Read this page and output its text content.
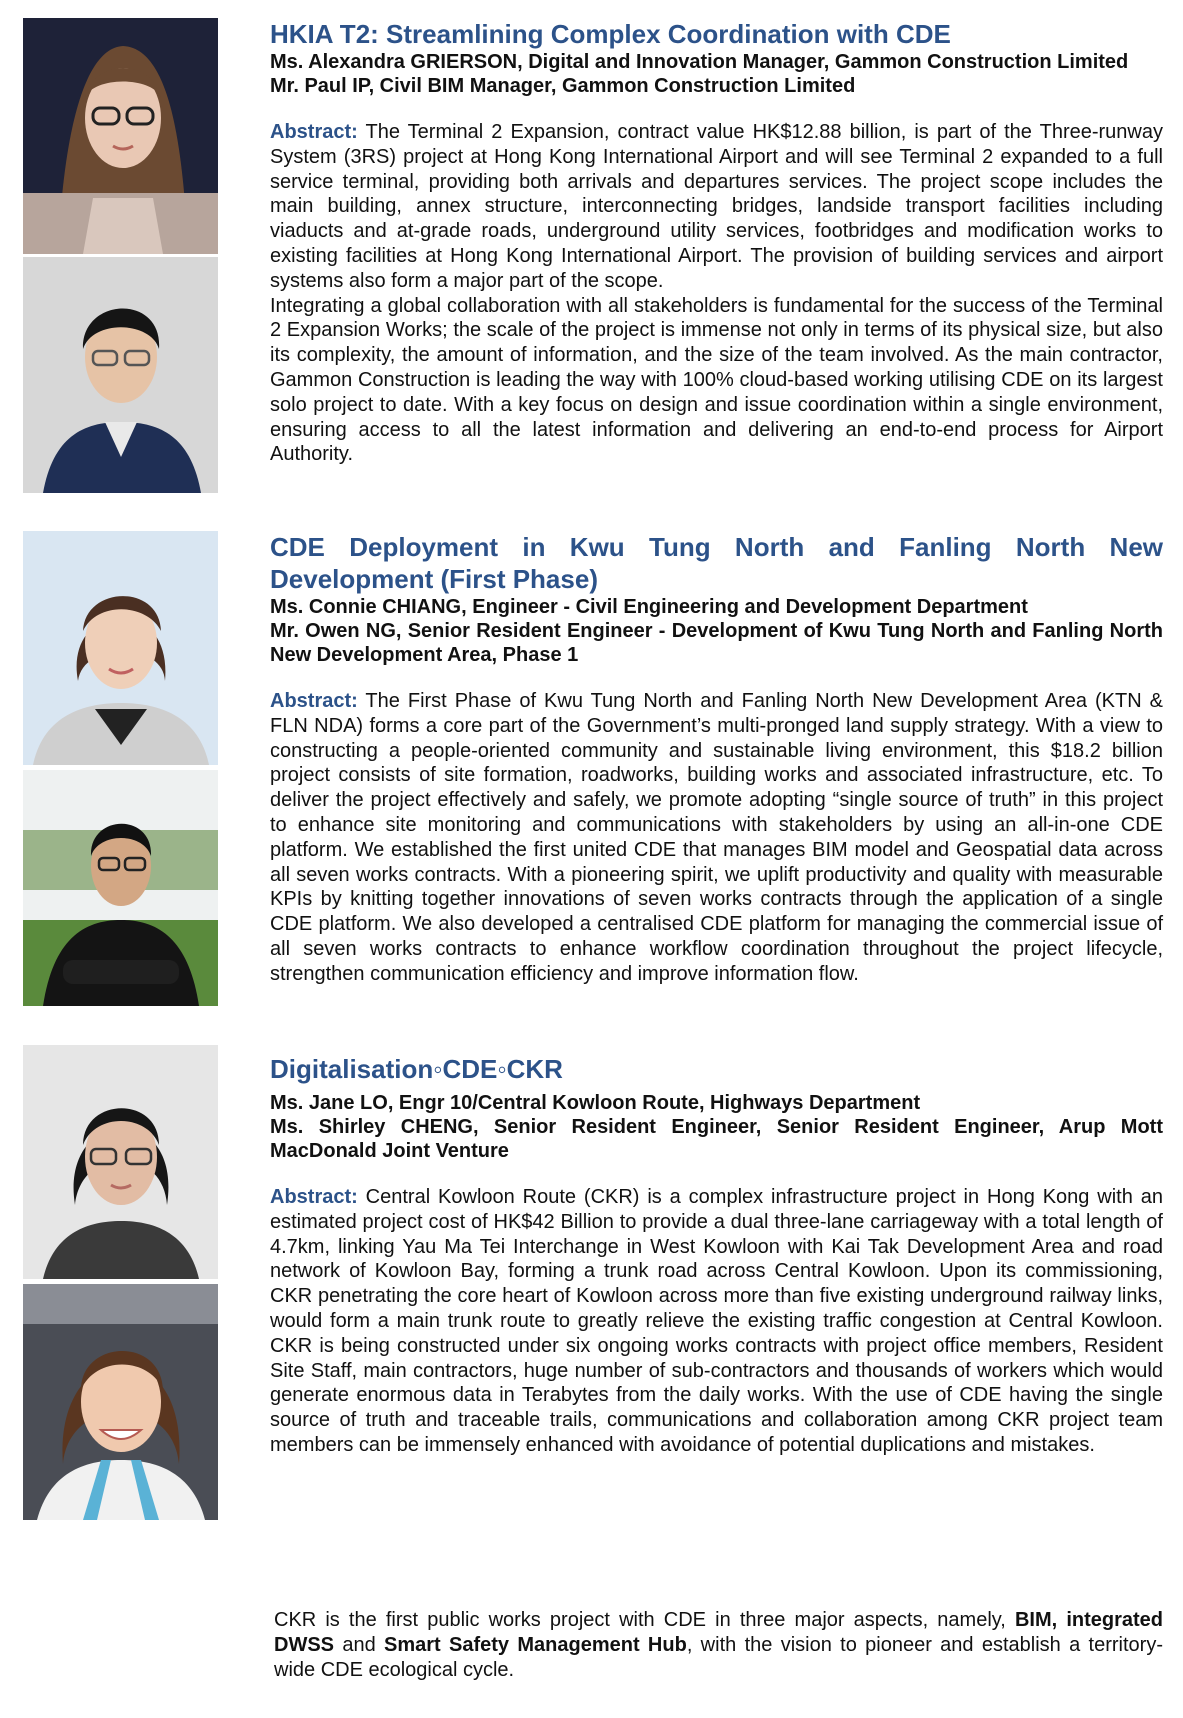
HKIA T2: Streamlining Complex Coordination with CDE

Ms. Alexandra GRIERSON, Digital and Innovation Manager, Gammon Construction Limited

Mr. Paul IP, Civil BIM Manager, Gammon Construction Limited

Abstract: The Terminal 2 Expansion, contract value HK$12.88 billion, is part of the Three-runway System (3RS) project at Hong Kong International Airport and will see Terminal 2 expanded to a full service terminal, providing both arrivals and departures services. The project scope includes the main building, annex structure, interconnecting bridges, landside transport facilities including viaducts and at-grade roads, underground utility services, footbridges and modification works to existing facilities at Hong Kong International Airport. The provision of building services and airport systems also form a major part of the scope.

Integrating a global collaboration with all stakeholders is fundamental for the success of the Terminal 2 Expansion Works; the scale of the project is immense not only in terms of its physical size, but also its complexity, the amount of information, and the size of the team involved. As the main contractor, Gammon Construction is leading the way with 100% cloud-based working utilising CDE on its largest solo project to date. With a key focus on design and issue coordination within a single environment, ensuring access to all the latest information and delivering an end-to-end process for Airport Authority.

CDE Deployment in Kwu Tung North and Fanling North New Development (First Phase)

Ms. Connie CHIANG, Engineer - Civil Engineering and Development Department

Mr. Owen NG, Senior Resident Engineer - Development of Kwu Tung North and Fanling North New Development Area, Phase 1

Abstract: The First Phase of Kwu Tung North and Fanling North New Development Area (KTN & FLN NDA) forms a core part of the Government’s multi-pronged land supply strategy. With a view to constructing a people-oriented community and sustainable living environment, this $18.2 billion project consists of site formation, roadworks, building works and associated infrastructure, etc. To deliver the project effectively and safely, we promote adopting “single source of truth” in this project to enhance site monitoring and communications with stakeholders by using an all-in-one CDE platform. We established the first united CDE that manages BIM model and Geospatial data across all seven works contracts. With a pioneering spirit, we uplift productivity and quality with measurable KPIs by knitting together innovations of seven works contracts through the application of a single CDE platform. We also developed a centralised CDE platform for managing the commercial issue of all seven works contracts to enhance workflow coordination throughout the project lifecycle, strengthen communication efficiency and improve information flow.

Digitalisation◦CDE◦CKR

Ms. Jane LO, Engr 10/Central Kowloon Route, Highways Department

Ms. Shirley CHENG, Senior Resident Engineer, Senior Resident Engineer, Arup Mott MacDonald Joint Venture

Abstract: Central Kowloon Route (CKR) is a complex infrastructure project in Hong Kong with an estimated project cost of HK$42 Billion to provide a dual three-lane carriageway with a total length of 4.7km, linking Yau Ma Tei Interchange in West Kowloon with Kai Tak Development Area and road network of Kowloon Bay, forming a trunk road across Central Kowloon. Upon its commissioning, CKR penetrating the core heart of Kowloon across more than five existing underground railway links, would form a main trunk route to greatly relieve the existing traffic congestion at Central Kowloon. CKR is being constructed under six ongoing works contracts with project office members, Resident Site Staff, main contractors, huge number of sub-contractors and thousands of workers which would generate enormous data in Terabytes from the daily works. With the use of CDE having the single source of truth and traceable trails, communications and collaboration among CKR project team members can be immensely enhanced with avoidance of potential duplications and mistakes.

CKR is the first public works project with CDE in three major aspects, namely, BIM, integrated DWSS and Smart Safety Management Hub, with the vision to pioneer and establish a territory-wide CDE ecological cycle.
